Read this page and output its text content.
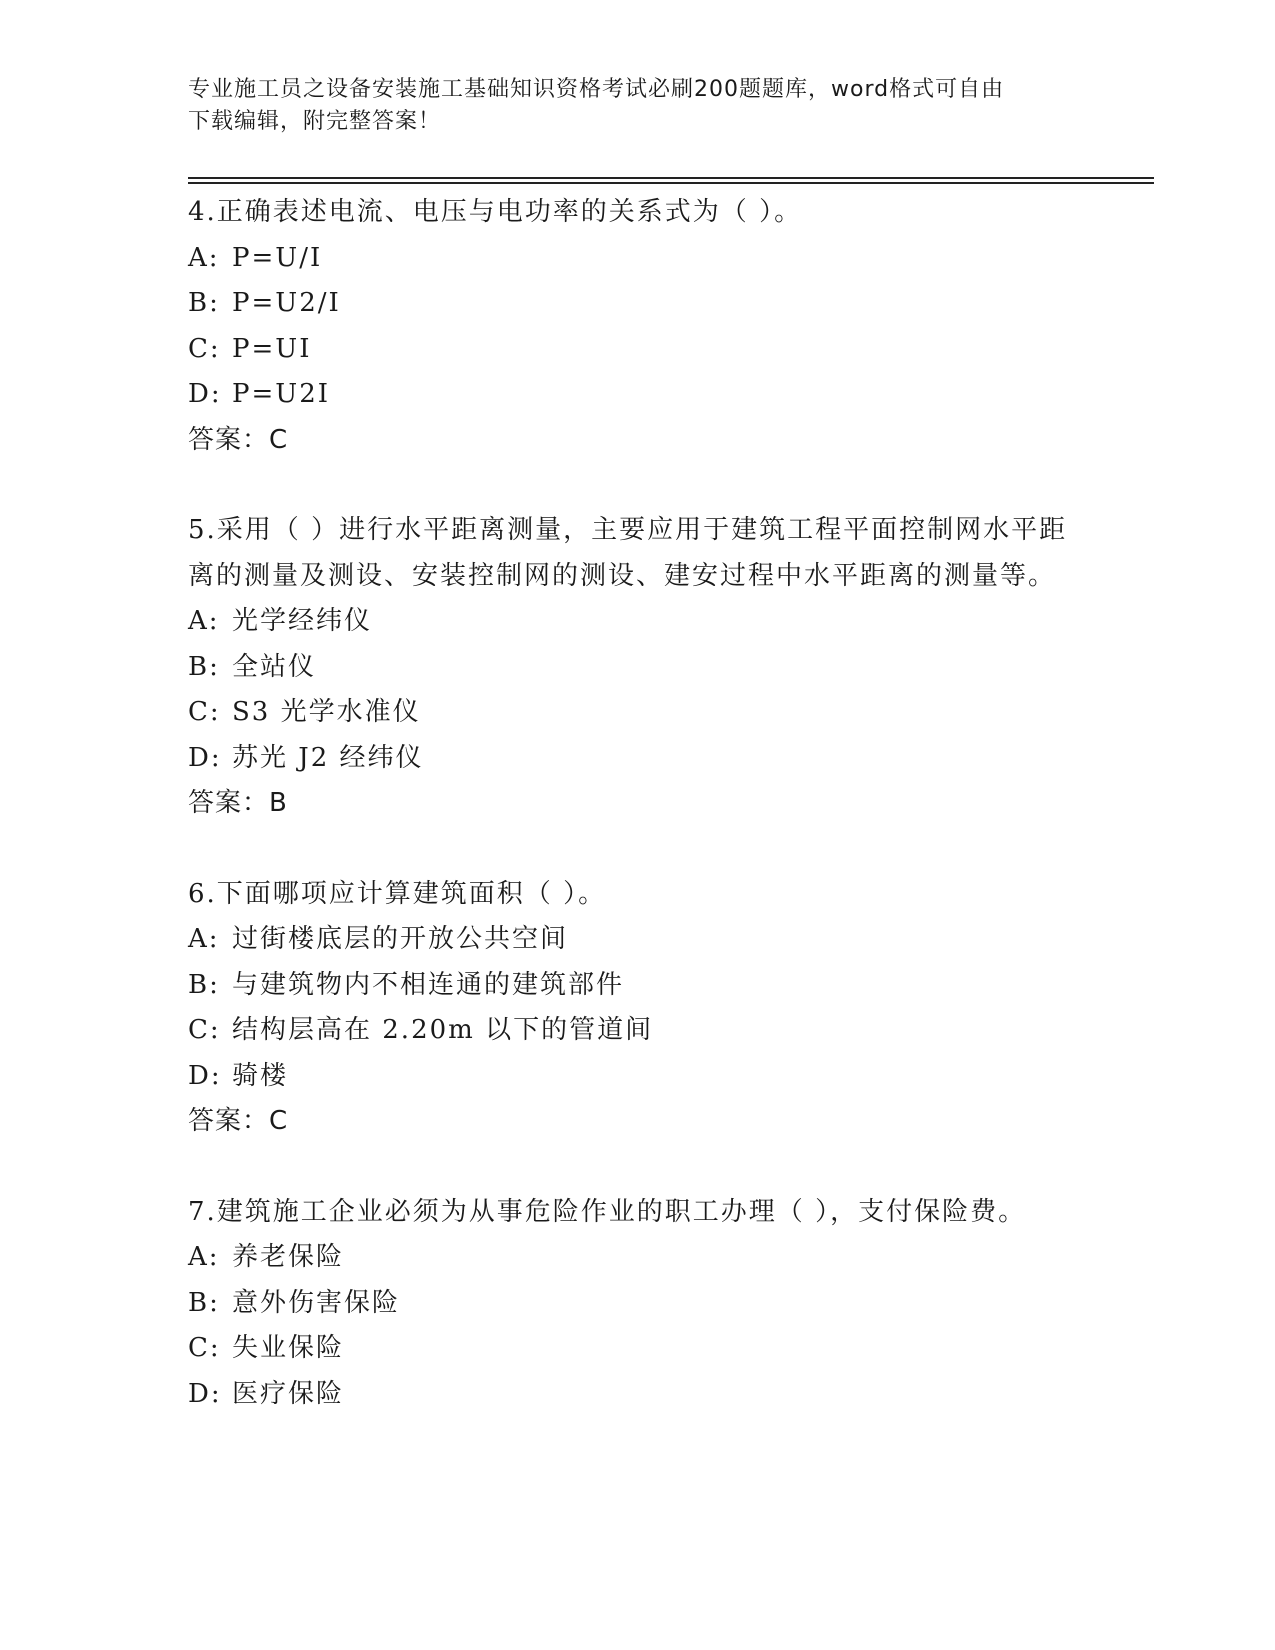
专业施工员之设备安装施工基础知识资格考试必刷200题题库，word格式可自由
下载编辑，附完整答案！
4.正确表述电流、电压与电功率的关系式为（ ）。
A: P=U/I
B: P=U2/I
C: P=UI
D: P=U2I
答案：C
5.采用（ ）进行水平距离测量，主要应用于建筑工程平面控制网水平距离的测量及测设、安装控制网的测设、建安过程中水平距离的测量等。
A: 光学经纬仪
B: 全站仪
C: S3 光学水准仪
D: 苏光 J2 经纬仪
答案：B
6.下面哪项应计算建筑面积（ ）。
A: 过街楼底层的开放公共空间
B: 与建筑物内不相连通的建筑部件
C: 结构层高在 2.20m 以下的管道间
D: 骑楼
答案：C
7.建筑施工企业必须为从事危险作业的职工办理（ ），支付保险费。
A: 养老保险
B: 意外伤害保险
C: 失业保险
D: 医疗保险
